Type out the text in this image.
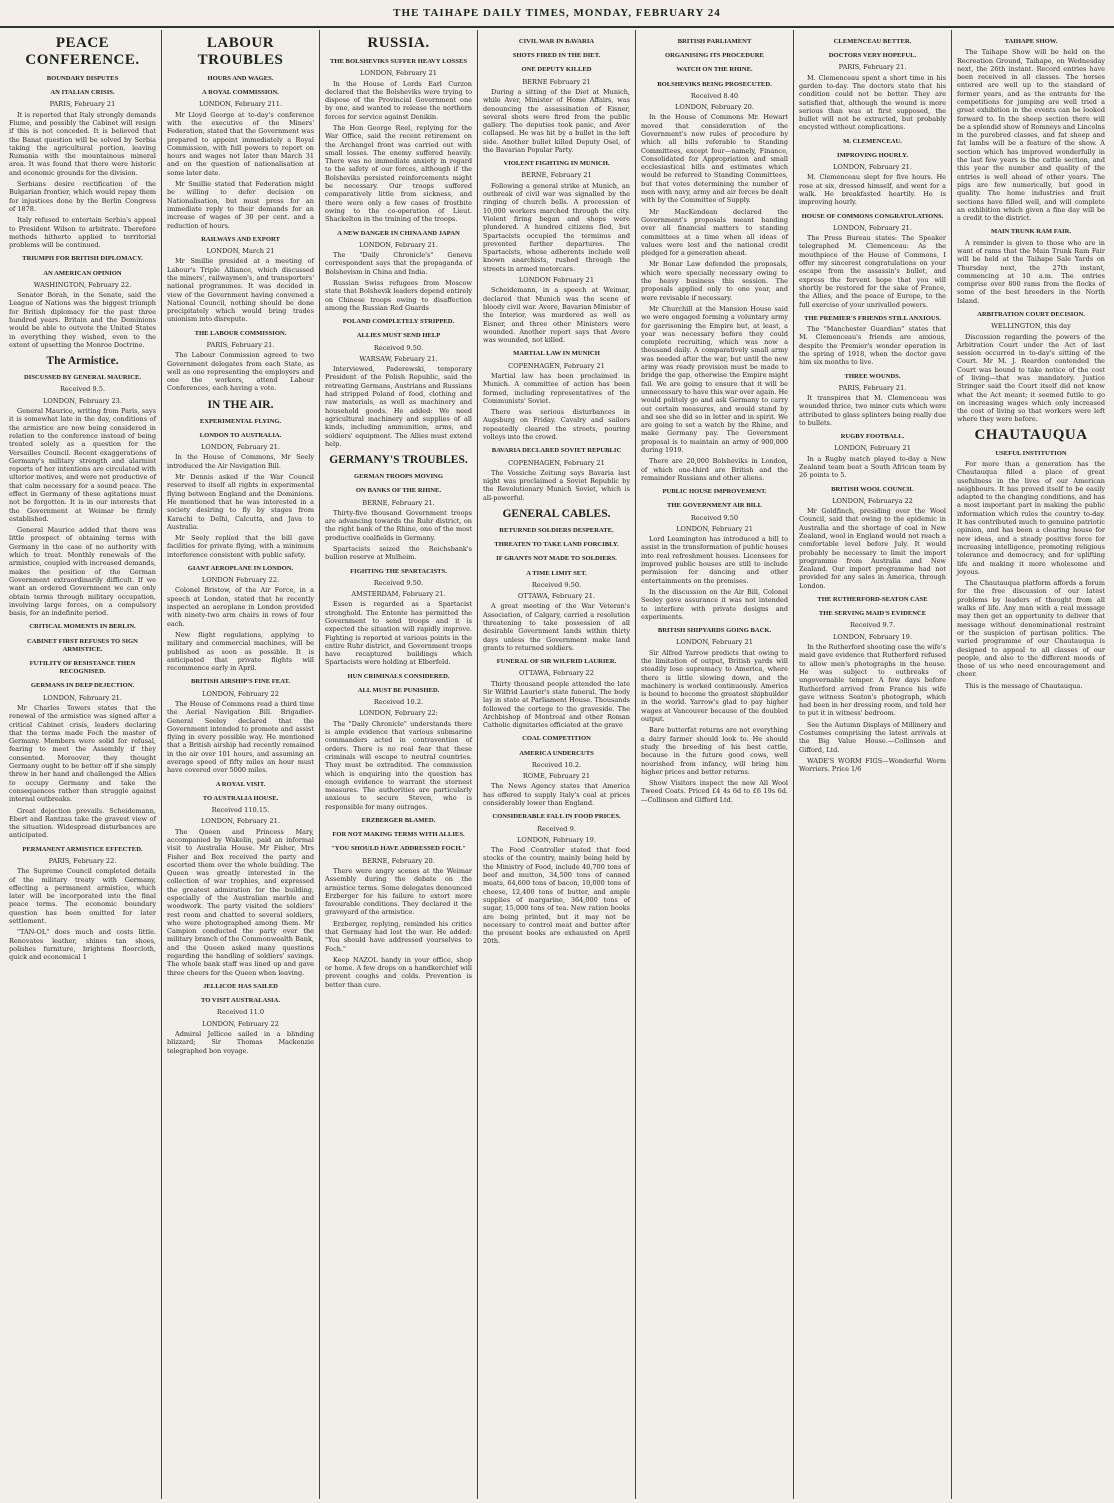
THE TAIHAPE DAILY TIMES, MONDAY, FEBRUARY 24
PEACE CONFERENCE.
BOUNDARY DISPUTES
AN ITALIAN CRISIS.
PARIS, February 21

It is reported that Italy strongly demands Fiume, and possibly the Cabinet will resign if this is not conceded. It is believed that the Banat question will be solved by Serbia taking the agricultural portion, leaving Rumania with the mountainous mineral area. It was found that there were historic and economic grounds for the division.

Serbians desire rectification of the Bulgarian frontier, which would repay them for injustices done by the Berlin Congress of 1878.

Italy refused to entertain Serbia's appeal to President Wilson to arbitrate. Therefore methods hitherto applied to territorial problems will be continued.

TRIUMPH FOR BRITISH DIPLOMACY.
AN AMERICAN OPINION
WASHINGTON, February 22.

Senator Borah, in the Senate, said the League of Nations was the biggest triumph for British diplomacy for the past three hundred years. Britain and the Dominions would be able to outvote the United States in everything they wished, even to the extent of upsetting the Monroe Doctrine.

The Armistice.
DISCUSSED BY GENERAL MAURICE.
Received 9.5.
LONDON, February 23.

General Maurice, writing from Paris, says it is somewhat late in the day, conditions of the armistice are now being considered in relation to the conference instead of being treated solely as a question for the Versailles Council. Recent exaggerations of Germany's military strength and alarmist reports of her intentions are circulated with ulterior motives, and were not productive of that calm necessary for a sound peace. The effect in Germany of these agitations must not be forgotten. It is in our interests that the Government at Weimar be firmly established.

General Maurice added that there was little prospect of obtaining terms with Germany in the case of no authority with which to treat. Monthly renewals of the armistice, coupled with increased demands, makes the position of the German Government extraordinarily difficult. If we want an ordered Government we can only obtain terms through military occupation, involving large forces, on a compulsory basis, for an indefinite period.

CRITICAL MOMENTS IN BERLIN.
CABINET FIRST REFUSES TO SIGN ARMISTICE.
FUTILITY OF RESISTANCE THEN RECOGNISED.
GERMANS IN DEEP DEJECTION.
LONDON, February 21.

Mr Charles Towers states that the renewal of the armistice was signed after a critical Cabinet crisis, leaders declaring that the terms made Foch the master of Germany. Members were solid for refusal, fearing to meet the Assembly if they consented. Moreover, they thought Germany ought to be better off if she simply threw in her hand and challenged the Allies to occupy Germany and take the consequences rather than struggle against internal outbreaks.

Great dejection prevails. Scheidemann, Ebert and Rantzau take the gravest view of the situation. Widespread disturbances are anticipated.

PERMANENT ARMISTICE EFFECTED.
PARIS, February 22.

The Supreme Council completed details of the military treaty with Germany, effecting a permanent armistice, which later will be incorporated into the final peace terms. The economic boundary question has been omitted for later settlement.

"TAN-OL" does much and costs little. Renovates leather, shines tan shoes, polishes furniture, brightens floorcloth, quick and economical 1

LABOUR TROUBLES
HOURS AND WAGES.
A ROYAL COMMISSION.
LONDON, February 211.

Mr Lloyd George at to-day's conference with the executive of the Miners' Federation, stated that the Government was prepared to appoint immediately a Royal Commission, with full powers to report on hours and wages not later than March 31 and on the question of nationalisation at some later date.

Mr Smillie stated that Federation might be willing to defer decision on Nationalisation, but must press for an immediate reply to their demands for an increase of wages of 30 per cent. and a reduction of hours.

RAILWAYS AND EXPORT
LONDON, March 21

Mr Smillie presided at a meeting of Labour's Triple Alliance, which discussed the miners', railwaymen's, and transporters' national programmes. It was decided in view of the Government having convened a National Council, nothing should be done precipitately which would bring trades unionism into disrepute.

THE LABOUR COMMISSION.
PARIS, February 21.

The Labour Commission agreed to two Government delegates from each State, as well as one representing the employers and one the workers, attend Labour Conferences, each having a vote.

IN THE AIR.
EXPERIMENTAL FLYING.
LONDON TO AUSTRALIA.
LONDON, February 21.

In the House of Commons, Mr Seely introduced the Air Navigation Bill.

Mr Dennis asked if the War Council reserved to itself all rights in experimental flying between England and the Dominions. He mentioned that he was interested in a society desiring to fly by stages from Karachi to Delhi, Calcutta, and Java to Australia.

Mr Seely replied that the bill gave facilities for private flying, with a minimum interference consistent with public safety.

GIANT AEROPLANE IN LONDON.
LONDON February 22.

Colonel Bristow, of the Air Force, in a speech at London, stated that he recently inspected an aeroplane in London provided with ninety-two arm chairs in rows of four each.

New flight regulations, applying to military and commercial machines, will be published as soon as possible. It is anticipated that private flights will recommence early in April.

BRITISH AIRSHIP'S FINE FEAT.
LONDON, February 22

The House of Commons read a third time the Aerial Navigation Bill. Brigadier-General Seeley declared that the Government intended to promote and assist flying in every possible way. He mentioned that a British airship had recently remained in the air over 101 hours, and assuming an average speed of fifty miles an hour must have covered over 5000 miles.

A ROYAL VISIT.
TO AUSTRALIA HOUSE.
Received 110.15.
LONDON, February 21.

The Queen and Princess Mary, accompanied by Wakelin, paid an informal visit to Australia House. Mr Fisher, Mrs Fisher and Box received the party and escorted them over the whole building. The Queen was greatly interested in the collection of war trophies, and expressed the greatest admiration for the building, especially of the Australian marble and woodwork. The party visited the soldiers' rest room and chatted to several soldiers, who were photographed among them. Mr Campion conducted the party over the military branch of the Commonwealth Bank, and the Queen asked many questions regarding the handling of soldiers' savings. The whole bank staff was lined up and gave three cheers for the Queen when leaving.

JELLICOE HAS SAILED
TO VISIT AUSTRALASIA.
Received 11.0
LONDON, February 22

Admiral Jellicoe sailed in a blinding blizzard; Sir Thomas Mackenzie telegraphed bon voyage.

RUSSIA.
THE BOLSHEVIKS SUFFER HEAVY LOSSES
LONDON, February 21

In the House of Lords Earl Curzon declared that the Bolsheviks were trying to dispose of the Provincial Government one by one, and wanted to release the northern forces for service against Denikin.

The Hon George Reel, replying for the War Office, said the recent retirement on the Archangel front was carried out with small losses. The enemy suffered heavily. There was no immediate anxiety in regard to the safety of our forces, although if the Bolsheviks persisted reinforcements might be necessary. Our troops suffered comparatively little from sickness, and there were only a few cases of frostbite owing to the co-operation of Lieut. Shackelton in the training of the troops.

A NEW DANGER IN CHINA AND JAPAN
LONDON, February 21.

The "Daily Chronicle's" Geneva correspondent says that the propaganda of Bolshevism in China and India.

Russian Swiss refugees from Moscow state that Bolshevik leaders depend entirely on Chinese troops owing to disaffection among the Russian Red Guards

POLAND COMPLETELY STRIPPED.
ALLIES MUST SEND HELP
Received 9.50.
WARSAW, February 21.

Interviewed, Paderewski, temporary President of the Polish Republic, said the retreating Germans, Austrians and Russians had stripped Poland of food, clothing and raw materials, as well as machinery and household goods. He added: We need agricultural machinery and supplies of all kinds, including ammunition, arms, and soldiers' equipment. The Allies must extend help.

GERMANY'S TROUBLES.
GERMAN TROOPS MOVING
ON BANKS OF THE RHINE.
BERNE, February 21.

Thirty-five thousand Government troops are advancing towards the Ruhr district, on the right bank of the Rhine, one of the most productive coalfields in Germany.

Spartacists seized the Reichsbank's bullion reserve at Mulheim.

FIGHTING THE SPARTACISTS.
Received 9.50.
AMSTERDAM, February 21.

Essen is regarded as a Spartacist stronghold. The Entente has permitted the Government to send troops and it is expected the situation will rapidly improve. Fighting is reported at various points in the entire Ruhr district, and Government troops have recaptured buildings which Spartacists were holding at Elberfeld.

HUN CRIMINALS CONSIDERED.
ALL MUST BE PUNISHED.
Received 10.2.
LONDON, February 22:

The "Daily Chronicle" understands there is ample evidence that various submarine commanders acted in contravention of orders. There is no real fear that these criminals will escape to neutral countries. They must be extradited. The commission which is enquiring into the question has enough evidence to warrant the sternest measures. The authorities are particularly anxious to secure Steven, who is responsible for many outrages.

ERZBERGER BLAMED.
FOR NOT MAKING TERMS WITH ALLIES.
"YOU SHOULD HAVE ADDRESSED FOCH."
BERNE, February 20.

There were angry scenes at the Weimar Assembly during the debate on the armistice terms. Some delegates denounced Erzberger for his failure to extort more favourable conditions. They declared it the graveyard of the armistice.

Erzberger, replying, reminded his critics that Germany had lost the war. He added: "You should have addressed yourselves to Foch."

Keep NAZOL handy in your office, shop or home. A few drops on a handkerchief will prevent coughs and colds. Prevention is better than cure.

CIVIL WAR IN BAVARIA
SHOTS FIRED IN THE DIET.
ONE DEPUTY KILLED
BERNE February 21

During a sitting of the Diet at Munich, while Aver, Minister of Home Affairs, was denouncing the assassination of Eisner, several shots were fired from the public gallery. The deputies took panic, and Aver collapsed. He was hit by a bullet in the left side. Another bullet killed Deputy Osel, of the Bavarian Popular Party.

VIOLENT FIGHTING IN MUNICH.
BERNE, February 21

Following a general strike at Munich, an outbreak of civil war was signalled by the ringing of church bells. A procession of 10,000 workers marched through the city. Violent firing began and shops were plundered. A hundred citizens fled, but Spartacists occupied the terminus and prevented further departures. The Spartacists, whose adherents include well known anarchists, rushed through the streets in armed motorcars.

LONDON February 21

Scheidemann, in a speech at Weimar, declared that Munich was the scene of bloody civil war. Avere, Bavarian Minister of the Interior, was murdered as well as Eisner, and three other Ministers were wounded. Another report says that Avere was wounded, not killed.

MARTIAL LAW IN MUNICH
COPENHAGEN, February 21

Martial law has been proclaimed in Munich. A committee of action has been formed, including representatives of the Communists' Soviet.

There was serious disturbances in Augsburg on Friday. Cavalry and sailors repeatedly cleared the streets, pouring volleys into the crowd.

BAVARIA DECLARED SOVIET REPUBLIC
COPENHAGEN, February 21

The Vossiche Zeitung says Bavaria last night was proclaimed a Soviet Republic by the Revolutionary Munich Soviet, which is all-powerful.

GENERAL CABLES.
RETURNED SOLDIERS DESPERATE.
THREATEN TO TAKE LAND FORCIBLY.
IF GRANTS NOT MADE TO SOLDIERS.
A TIME LIMIT SET.
Received 9.50.
OTTAWA, February 21.

A great meeting of the War Veteran's Association, of Calgary, carried a resolution threatening to take possession of all desirable Government lands within thirty days unless the Government make land grants to returned soldiers.

FUNERAL OF SIR WILFRID LAURIER.
OTTAWA, February 22

Thirty thousand people attended the late Sir Wilfrid Laurier's state funeral. The body lay in state at Parliament House. Thousands followed the cortege to the graveside. The Archbishop of Montreal and other Roman Catholic dignitaries officiated at the grave

COAL COMPETITION
AMERICA UNDERCUTS
Received 10.2.
ROME, February 21

The News Agency states that America has offered to supply Italy's coal at prices considerably lower than England.

CONSIDERABLE FALL IN FOOD PRICES.
Received 9.
LONDON, February 19.

The Food Controller stated that food stocks of the country, mainly being held by the Ministry of Food, include 40,700 tons of beef and mutton, 34,500 tons of canned meats, 64,600 tons of bacon, 10,000 tons of cheese, 12,400 tons of butter, and ample supplies of margarine, 364,000 tons of sugar, 15,000 tons of tea. New ration books are being printed, but it may not be necessary to control meat and butter after the present books are exhausted on April 20th.

BRITISH PARLIAMENT
ORGANISING ITS PROCEDURE
WATCH ON THE RHINE.
BOLSHEVIKS BEING PROSECUTED.
Received 8.40
LONDON, February 20.

In the House of Commons Mr. Hewart moved that consideration of the Government's new rules of procedure by which all bills referable to Standing Committees, except four—namely, Finance, Consolidated for Appropriation and small ecclesiastical bills and estimates which would be referred to Standing Committees, but that votes determining the number of men with navy, army and air forces be dealt with by the Committee of Supply.

Mr MacKendean declared the Government's proposals meant handing over all financial matters to standing committees at a time when all ideas of values were lost and the national credit pledged for a generation ahead.

Mr Bonar Law defended the proposals, which were specially necessary owing to the heavy business this session. The proposals applied only to one year, and were revisable if necessary.

Mr Churchill at the Mansion House said we were engaged forming a voluntary army for garrisoning the Empire but, at least, a year was necessary before they could complete recruiting, which was now a thousand daily. A comparatively small army was needed after the war, but until the new army was ready provision must be made to bridge the gap, otherwise the Empire might fail. We are going to ensure that it will be unnecessary to have this war over again. He would politely go and ask Germany to carry out certain measures, and would stand by and see she did so in letter and in spirit. We are going to set a watch by the Rhine, and make Germany pay. The Government proposal is to maintain an army of 900,000 during 1919.

There are 20,000 Bolsheviks in London, of which one-third are British and the remainder Russians and other aliens.

PUBLIC HOUSE IMPROVEMENT.
THE GOVERNMENT AIR BILL
Received 9.50
LONDON, February 21

Lord Leamington has introduced a bill to assist in the transformation of public houses into real refreshment houses. Licensees for improved public houses are still to include permission for dancing and other entertainments on the premises.

In the discussion on the Air Bill, Colonel Seeley gave assurance it was not intended to interfere with private designs and experiments.

BRITISH SHIPYARDS GOING BACK.
LONDON, February 21

Sir Alfred Yarrow predicts that owing to the limitation of output, British yards will steadily lose supremacy to America, where there is little slowing down, and the machinery is worked continuously. America is bound to become the greatest shipbuilder in the world. Yarrow's glad to pay higher wages at Vancouver because of the doubled output.

Bare butterfat returns are not everything a dairy farmer should look to. He should study the breeding of his best cattle, because in the future good cows, well nourished from infancy, will bring him higher prices and better returns.

Show Visitors inspect the new All Wool Tweed Coats. Priced £4 4s 6d to £6 19s 6d.—Collinson and Gifford Ltd.

CLEMENCEAU BETTER.
DOCTORS VERY HOPEFUL.
PARIS, February 21.

M. Clemenceau spent a short time in his garden to-day. The doctors state that his condition could not be better. They are satisfied that, although the wound is more serious than was at first supposed, the bullet will not be extracted, but probably encysted without complications.

M. CLEMENCEAU.
IMPROVING HOURLY.
LONDON, February 21.

M. Clemenceau slept for five hours. He rose at six, dressed himself, and went for a walk. He breakfasted heartily. He is improving hourly.

HOUSE OF COMMONS CONGRATULATIONS.
LONDON, February 21.

The Press Bureau states: The Speaker telegraphed M. Clemenceau: As the mouthpiece of the House of Commons, I offer my sincerest congratulations on your escape from the assassin's bullet, and express the fervent hope that you will shortly be restored for the sake of France, the Allies, and the peace of Europe, to the full exercise of your unrivalled powers.

THE PREMIER'S FRIENDS STILL ANXIOUS.

The "Manchester Guardian" states that M. Clemenceau's friends are anxious, despite the Premier's wonder operation in the spring of 1918, when the doctor gave him six months to live.

THREE WOUNDS.
PARIS, February 21.

It transpires that M. Clemenceau was wounded thrice, two minor cuts which were attributed to glass splinters being really due to bullets.

RUGBY FOOTBALL.
LONDON, February 21

In a Rugby match played to-day a New Zealand team beat a South African team by 26 points to 5.

BRITISH WOOL COUNCIL
LONDON, Februarya 22

Mr Goldfinch, presiding over the Wool Council, said that owing to the epidemic in Australia and the shortage of coal in New Zealand, wool in England would not reach a comfortable level before July. It would probably be necessary to limit the import programme from Australia and New Zealand. Our import programme had not provided for any sales in America, through London.

THE RUTHERFORD-SEATON CASE
THE SERVING MAID'S EVIDENCE
Received 9.7.
LONDON, February 19.

In the Rutherford shooting case the wife's maid gave evidence that Rutherford refused to allow men's photographs in the house. He was subject to outbreaks of ungovernable temper. A few days before Rutherford arrived from France his wife gave witness Seaton's photograph, which had been in her dressing room, and told her to put it in witness' bedroom.

See the Autumn Displays of Millinery and Costumes comprising the latest arrivals at the Big Value House.—Collinson and Gifford, Ltd.

WADE'S WORM FIGS—Wonderful Worm Worriers. Price 1/6

TAIHAPE SHOW.

The Taihape Show will be held on the Recreation Ground, Taihape, on Wednesday next, the 26th instant. Record entries have been received in all classes. The horses entered are well up to the standard of former years, and as the entrants for the competitions for jumping are well tried a great exhibition in the events can be looked forward to. In the sheep section there will be a splendid show of Romneys and Lincolns in the purebred classes, and fat sheep and fat lambs will be a feature of the show. A section which has improved wonderfully in the last few years is the cattle section, and this year the number and quality of the entries is well ahead of other years. The pigs are few numerically, but good in quality. The home industries and fruit sections have filled well, and will complete an exhibition which given a fine day will be a credit to the district.

MAIN TRUNK RAM FAIR.

A reminder is given to those who are in want of rams that the Main Trunk Ram Fair will be held at the Taihape Sale Yards on Thursday next, the 27th instant, commencing at 10 a.m. The entries comprise over 800 rams from the flocks of some of the best breeders in the North Island.

ARBITRATION COURT DECISION.
WELLINGTON, this day

Discussion regarding the powers of the Arbitration Court under the Act of last session occurred in to-day's sitting of the Court. Mr M. J. Reardon contended the Court was bound to take notice of the cost of living—that was mandatory. Justice Stringer said the Court itself did not know what the Act meant; it seemed futile to go on increasing wages which only increased the cost of living so that workers were left where they were before.

CHAUTAUQUA
USEFUL INSTITUTION

For more than a generation has the Chautauqua filled a place of great usefulness in the lives of our American neighbours. It has proved itself to be easily adapted to the changing conditions, and has a most important part in making the public information which rules the country to-day. It has contributed much to genuine patriotic opinion, and has been a clearing house for new ideas, and a steady positive force for increasing intelligence, promoting religious tolerance and democracy, and for uplifting life and making it more wholesome and joyous.

The Chautauqua platform affords a forum for the free discussion of our latest problems by leaders of thought from all walks of life. Any man with a real message may then get an opportunity to deliver that message without denominational restraint or the suspicion of partisan politics. The varied programme of our Chautauqua is designed to appeal to all classes of our people, and also to the different moods of those of us who need encouragement and cheer.

This is the message of Chautauqua.
